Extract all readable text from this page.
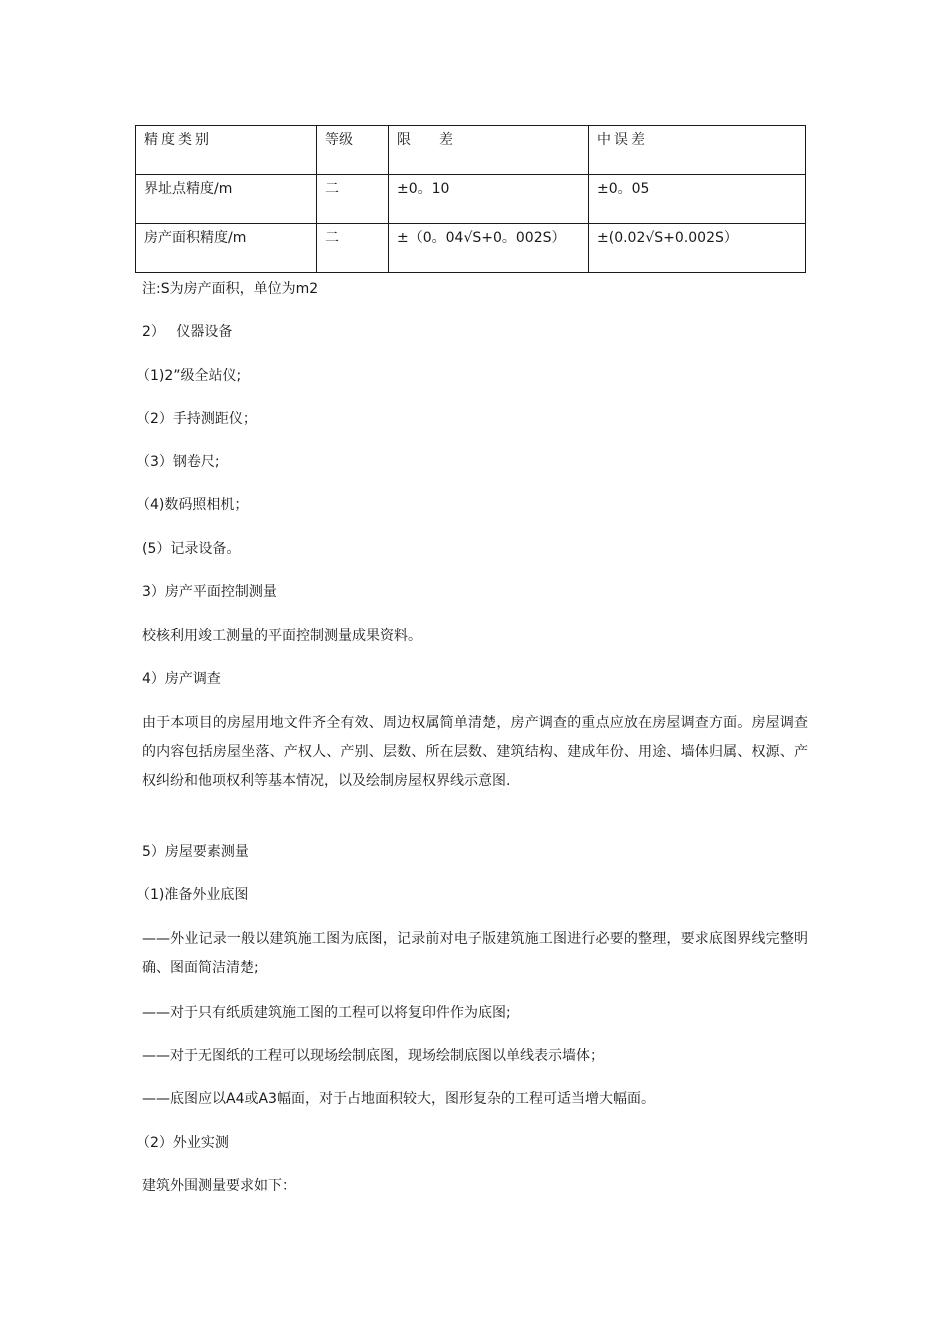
精度类别	等级	限　　差	中误差
界址点精度/m	二	±0。10	±0。05
房产面积精度/m	二	±（0。04√S+0。002S）	±(0.02√S+0.002S）
注:S为房产面积，单位为m2
2）　 仪器设备
（1)2”级全站仪;
（2）手持测距仪；
（3）钢卷尺;
（4)数码照相机；
(5）记录设备。
3）房产平面控制测量
校核利用竣工测量的平面控制测量成果资料。
4）房产调查
由于本项目的房屋用地文件齐全有效、周边权属简单清楚，房产调查的重点应放在房屋调查方面。房屋调查的内容包括房屋坐落、产权人、产别、层数、所在层数、建筑结构、建成年份、用途、墙体归属、权源、产权纠纷和他项权利等基本情况，以及绘制房屋权界线示意图.
5）房屋要素测量
（1)准备外业底图
——外业记录一般以建筑施工图为底图，记录前对电子版建筑施工图进行必要的整理，要求底图界线完整明确、图面简洁清楚;
——对于只有纸质建筑施工图的工程可以将复印件作为底图;
——对于无图纸的工程可以现场绘制底图，现场绘制底图以单线表示墙体；
——底图应以A4或A3幅面，对于占地面积较大，图形复杂的工程可适当增大幅面。
（2）外业实测
建筑外围测量要求如下：
